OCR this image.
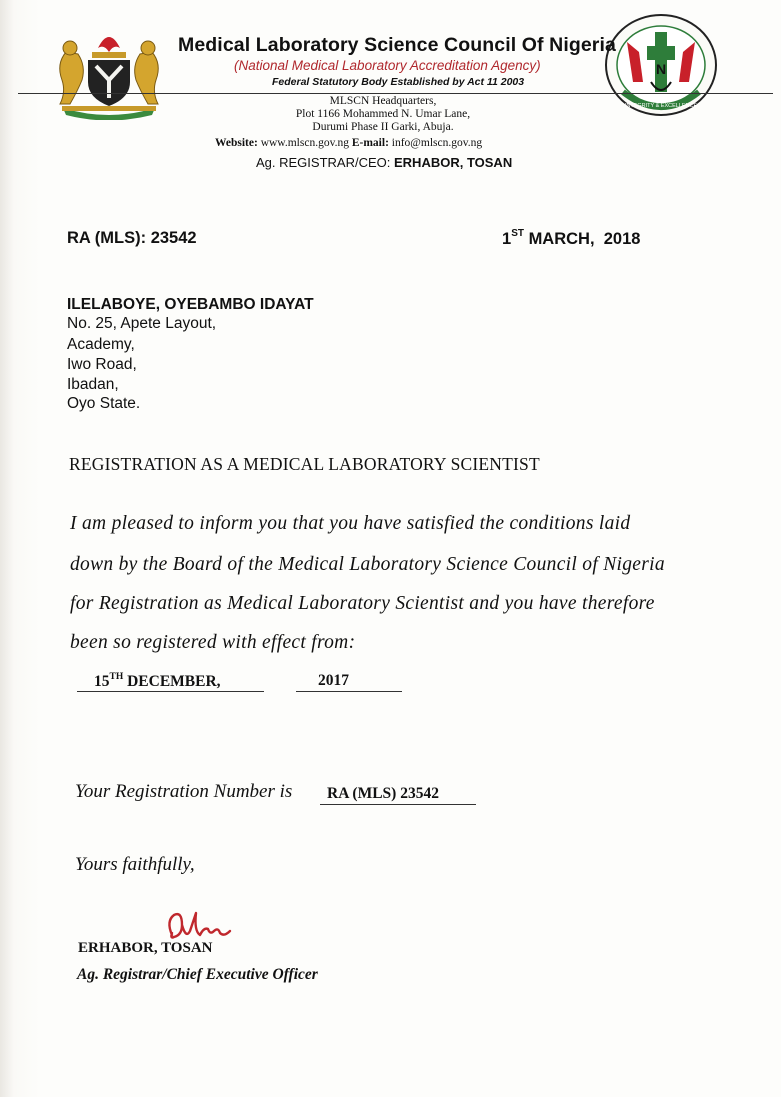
N
INTEGRITY & EXCELLENCE
Medical Laboratory Science Council Of Nigeria
(National Medical Laboratory Accreditation Agency)
Federal Statutory Body Established by Act 11 2003
MLSCN Headquarters,
Plot 1166 Mohammed N. Umar Lane,
Durumi Phase II Garki, Abuja.
Website: www.mlscn.gov.ng E-mail: info@mlscn.gov.ng
Ag. REGISTRAR/CEO: ERHABOR, TOSAN
RA (MLS): 23542	1ST MARCH,  2018
ILELABOYE, OYEBAMBO IDAYAT
No. 25, Apete Layout,
Academy,
Iwo Road,
Ibadan,
Oyo State.
REGISTRATION AS A MEDICAL LABORATORY SCIENTIST
I am pleased to inform you that you have satisfied the conditions laid
down by the Board of the Medical Laboratory Science Council of Nigeria
for Registration as Medical Laboratory Scientist and you have therefore
been so registered with effect from:
15TH DECEMBER,	2017
Your Registration Number is RA (MLS) 23542
Yours faithfully,
ERHABOR, TOSAN
Ag. Registrar/Chief Executive Officer
